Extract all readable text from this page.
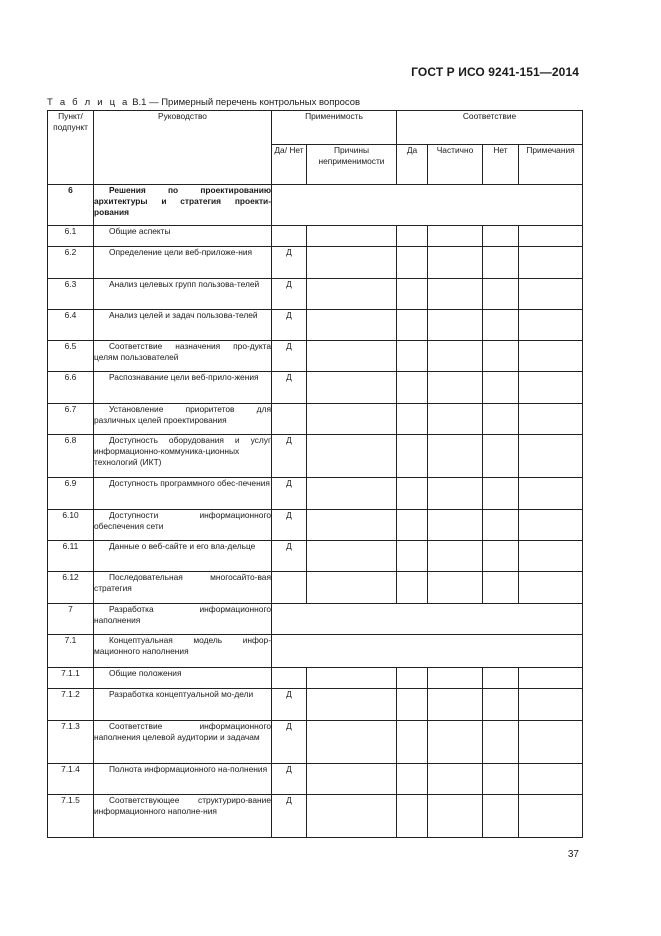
ГОСТ Р ИСО 9241-151—2014
Т а б л и ц а В.1 — Примерный перечень контрольных вопросов
Пункт/ подпункт	Руководство	Применимость		Соответствие			
		Да/ Нет	Причины неприменимости	Да	Частично	Нет	Примечания
6	Решения по проектированию архитектуры и стратегия проекти-рования						
6.1	Общие аспекты						
6.2	Определение цели веб-приложе-ния	Д					
6.3	Анализ целевых групп пользова-телей	Д					
6.4	Анализ целей и задач пользова-телей	Д					
6.5	Соответствие назначения про-дукта целям пользователей	Д					
6.6	Распознавание цели веб-прило-жения	Д					
6.7	Установление приоритетов для различных целей проектирования						
6.8	Доступность оборудования и услуг информационно-коммуника-ционных технологий (ИКТ)	Д					
6.9	Доступность программного обес-печения	Д					
6.10	Доступности информационного обеспечения сети	Д					
6.11	Данные о веб-сайте и его вла-дельце	Д					
6.12	Последовательная многосайто-вая стратегия						
7	Разработка информационного наполнения						
7.1	Концептуальная модель инфор-мационного наполнения						
7.1.1	Общие положения						
7.1.2	Разработка концептуальной мо-дели	Д					
7.1.3	Соответствие информационного наполнения целевой аудитории и задачам	Д					
7.1.4	Полнота информационного на-полнения	Д					
7.1.5	Соответствующее структуриро-вание информационного наполне-ния	Д					
37
